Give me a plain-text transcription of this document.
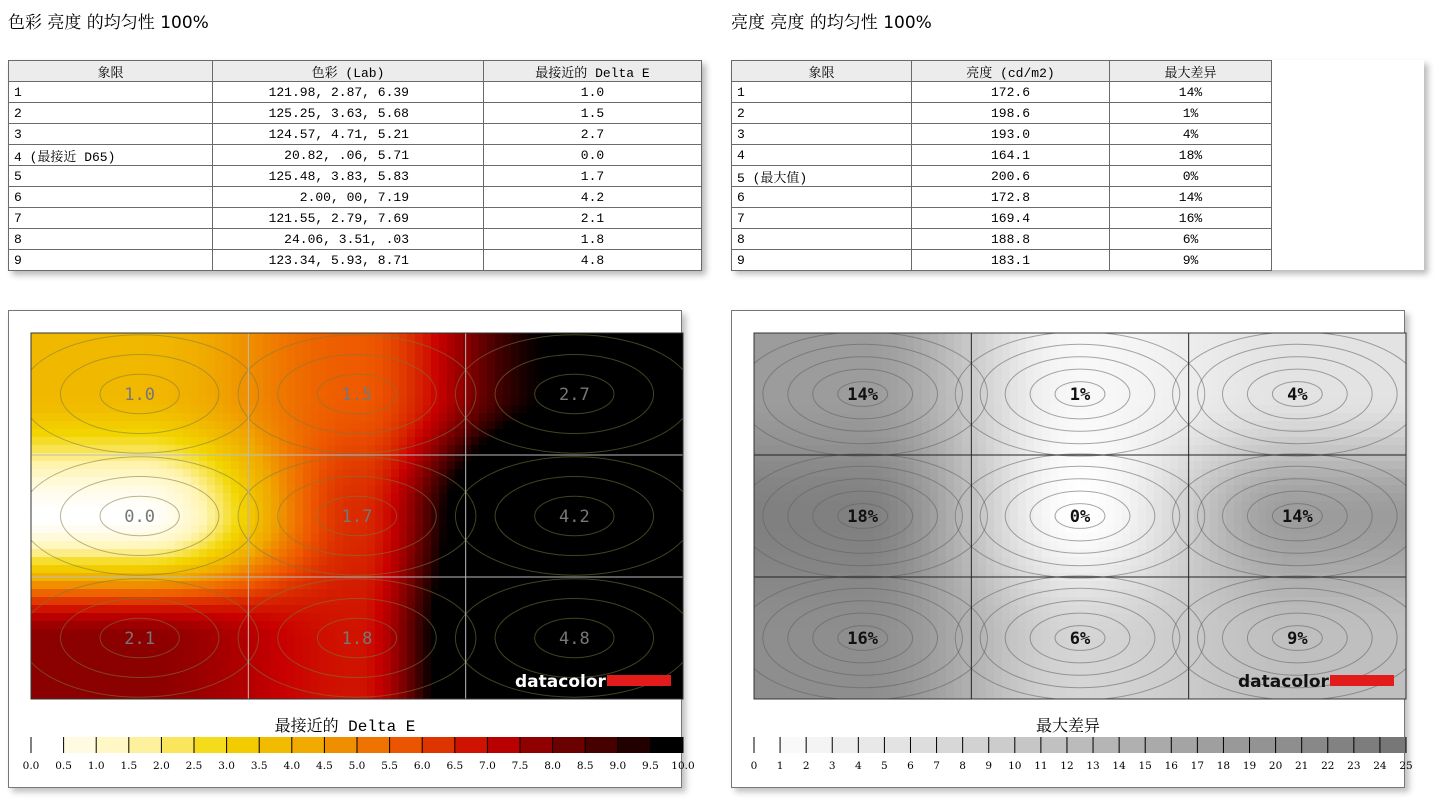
色彩 亮度 的均匀性 100%	亮度 亮度 的均匀性 100%
象限	色彩 (Lab)	最接近的 Delta E
1	121.98, 2.87, 6.39	1.0
2	125.25, 3.63, 5.68	1.5
3	124.57, 4.71, 5.21	2.7
4 (最接近 D65)	20.82, .06, 5.71	0.0
5	125.48, 3.83, 5.83	1.7
6	2.00, 00, 7.19	4.2
7	121.55, 2.79, 7.69	2.1
8	24.06, 3.51, .03	1.8
9	123.34, 5.93, 8.71	4.8
象限	亮度 (cd/m2)	最大差异
1	172.6	14%
2	198.6	1%
3	193.0	4%
4	164.1	18%
5 (最大值)	200.6	0%
6	172.8	14%
7	169.4	16%
8	188.8	6%
9	183.1	9%
1.0	1.5	2.7
0.0	1.7	4.2
2.1	1.8	4.8
datacolor
0.0 0.5 1.0 1.5 2.0 2.5 3.0 3.5 4.0 4.5 5.0 5.5 6.0 6.5 7.0 7.5 8.0 8.5 9.0 9.5 10.0
最接近的 Delta E
14%	1%	4%
18%	0%	14%
16%	6%	9%
datacolor
0 1 2 3 4 5 6 7 8 9 10 11 12 13 14 15 16 17 18 19 20 21 22 23 24 25
最大差异
